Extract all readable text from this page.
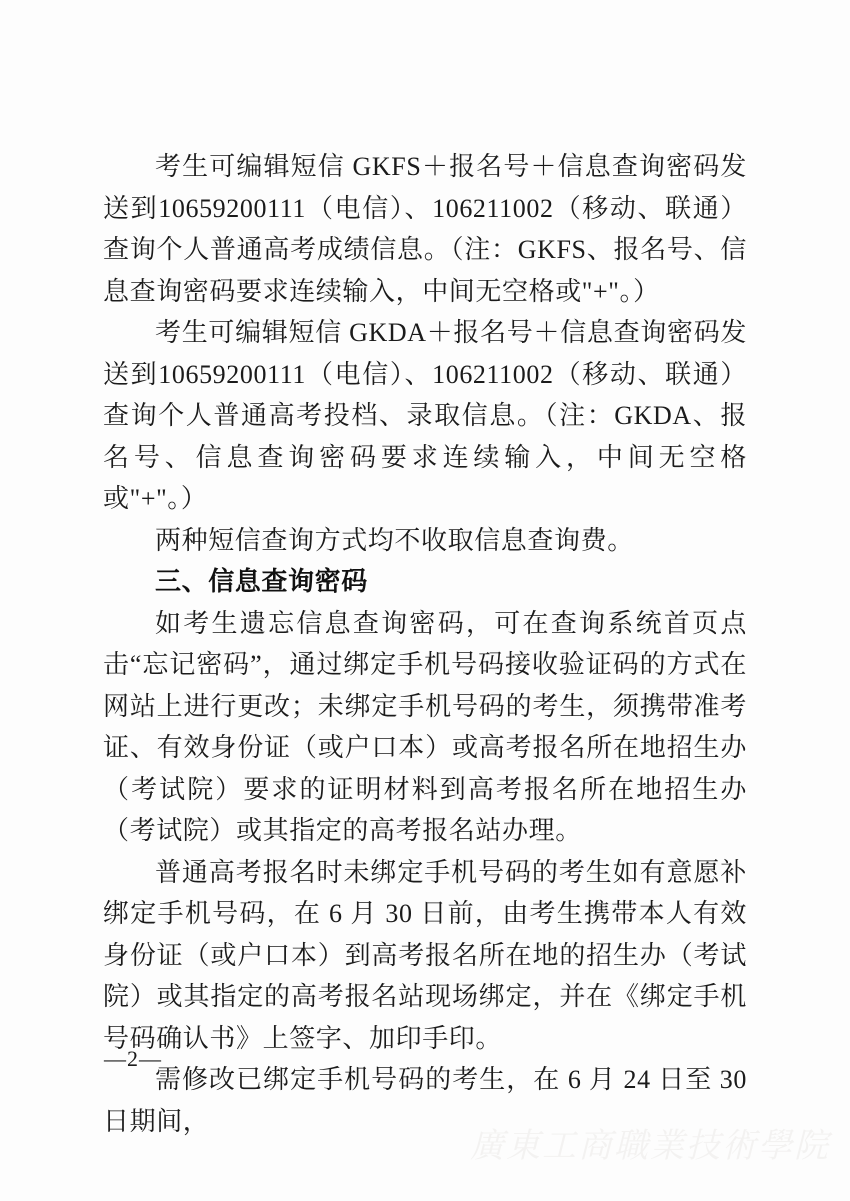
考生可编辑短信 GKFS＋报名号＋信息查询密码发送到10659200111（电信）、106211002（移动、联通）查询个人普通高考成绩信息。（注：GKFS、报名号、信息查询密码要求连续输入，中间无空格或"+"。）

考生可编辑短信 GKDA＋报名号＋信息查询密码发送到10659200111（电信）、106211002（移动、联通）查询个人普通高考投档、录取信息。（注：GKDA、报名号、信息查询密码要求连续输入，中间无空格或"+"。）

两种短信查询方式均不收取信息查询费。

三、信息查询密码

如考生遗忘信息查询密码，可在查询系统首页点击“忘记密码”，通过绑定手机号码接收验证码的方式在网站上进行更改；未绑定手机号码的考生，须携带准考证、有效身份证（或户口本）或高考报名所在地招生办（考试院）要求的证明材料到高考报名所在地招生办（考试院）或其指定的高考报名站办理。

普通高考报名时未绑定手机号码的考生如有意愿补绑定手机号码，在 6 月 30 日前，由考生携带本人有效身份证（或户口本）到高考报名所在地的招生办（考试院）或其指定的高考报名站现场绑定，并在《绑定手机号码确认书》上签字、加印手印。

需修改已绑定手机号码的考生，在 6 月 24 日至 30 日期间，

廣東工商職業技術學院
—2—
